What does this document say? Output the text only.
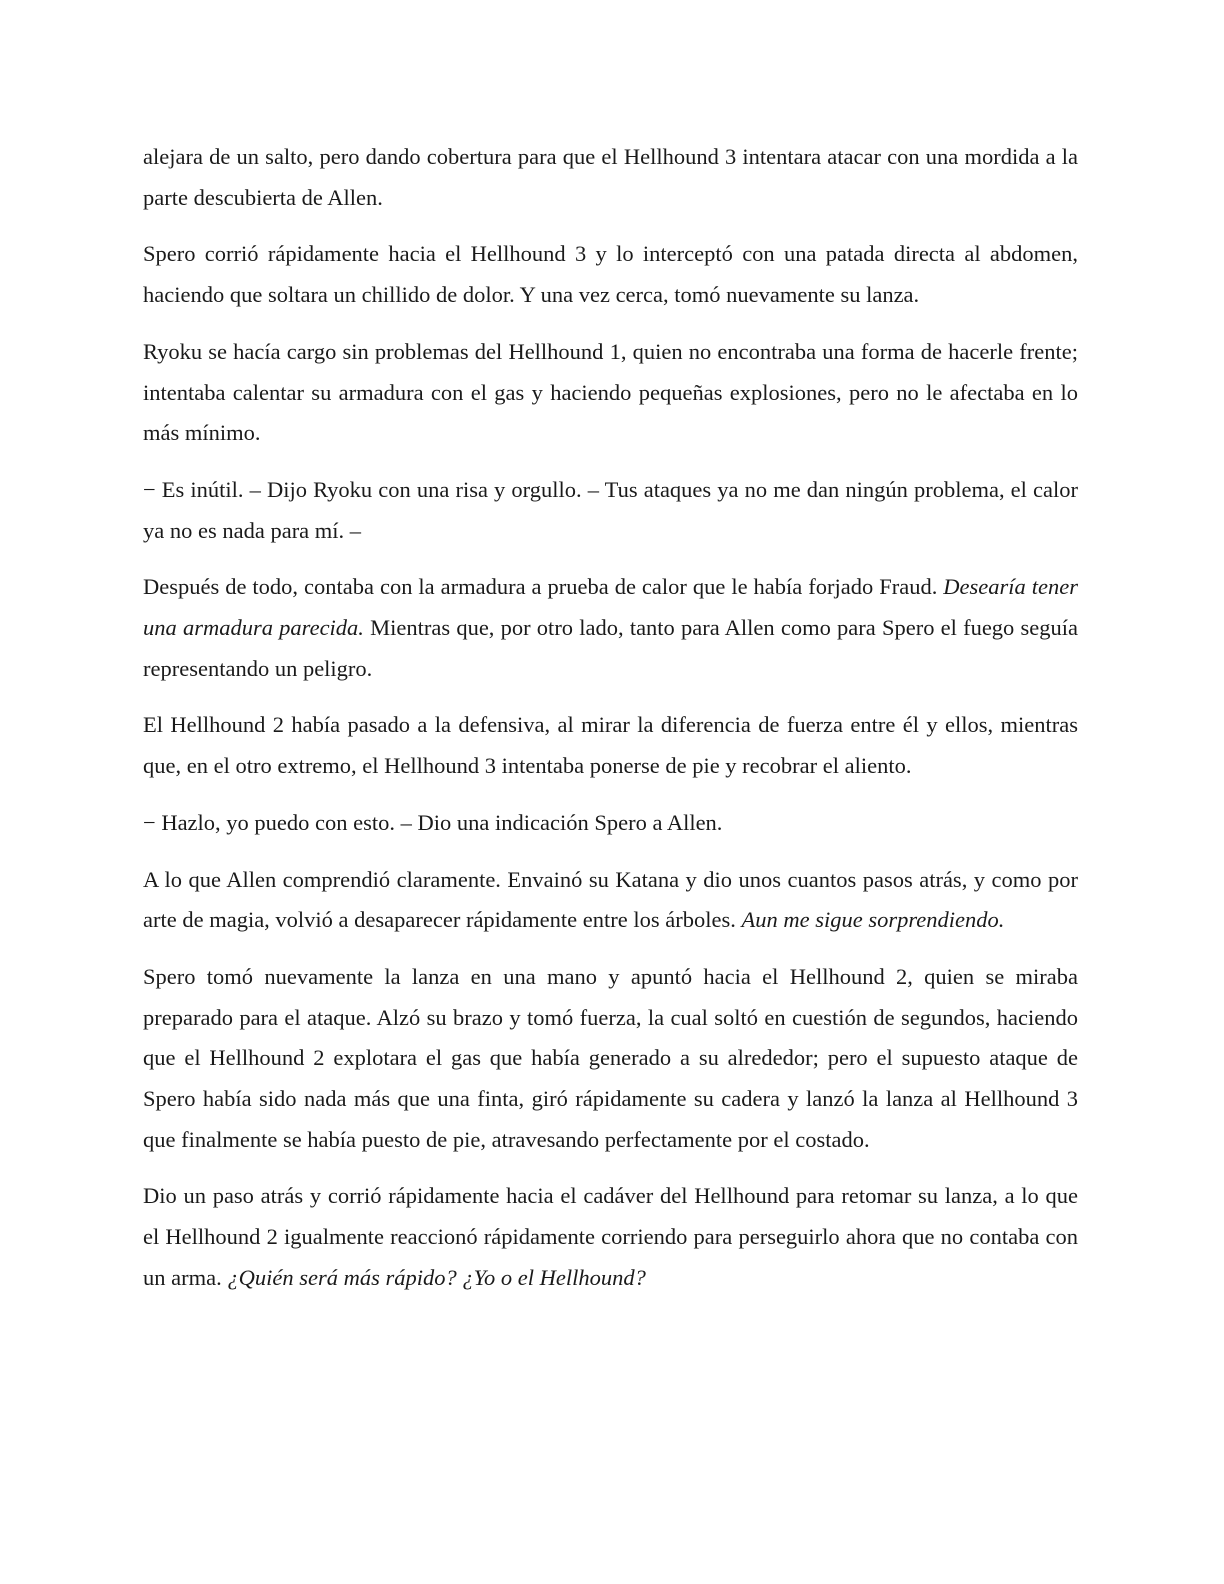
alejara de un salto, pero dando cobertura para que el Hellhound 3 intentara atacar con una mordida a la parte descubierta de Allen.

Spero corrió rápidamente hacia el Hellhound 3 y lo interceptó con una patada directa al abdomen, haciendo que soltara un chillido de dolor. Y una vez cerca, tomó nuevamente su lanza.

Ryoku se hacía cargo sin problemas del Hellhound 1, quien no encontraba una forma de hacerle frente; intentaba calentar su armadura con el gas y haciendo pequeñas explosiones, pero no le afectaba en lo más mínimo.

− Es inútil. – Dijo Ryoku con una risa y orgullo. – Tus ataques ya no me dan ningún problema, el calor ya no es nada para mí. –

Después de todo, contaba con la armadura a prueba de calor que le había forjado Fraud. Desearía tener una armadura parecida. Mientras que, por otro lado, tanto para Allen como para Spero el fuego seguía representando un peligro.

El Hellhound 2 había pasado a la defensiva, al mirar la diferencia de fuerza entre él y ellos, mientras que, en el otro extremo, el Hellhound 3 intentaba ponerse de pie y recobrar el aliento.

− Hazlo, yo puedo con esto. – Dio una indicación Spero a Allen.

A lo que Allen comprendió claramente. Envainó su Katana y dio unos cuantos pasos atrás, y como por arte de magia, volvió a desaparecer rápidamente entre los árboles. Aun me sigue sorprendiendo.

Spero tomó nuevamente la lanza en una mano y apuntó hacia el Hellhound 2, quien se miraba preparado para el ataque. Alzó su brazo y tomó fuerza, la cual soltó en cuestión de segundos, haciendo que el Hellhound 2 explotara el gas que había generado a su alrededor; pero el supuesto ataque de Spero había sido nada más que una finta, giró rápidamente su cadera y lanzó la lanza al Hellhound 3 que finalmente se había puesto de pie, atravesando perfectamente por el costado.

Dio un paso atrás y corrió rápidamente hacia el cadáver del Hellhound para retomar su lanza, a lo que el Hellhound 2 igualmente reaccionó rápidamente corriendo para perseguirlo ahora que no contaba con un arma. ¿Quién será más rápido? ¿Yo o el Hellhound?
